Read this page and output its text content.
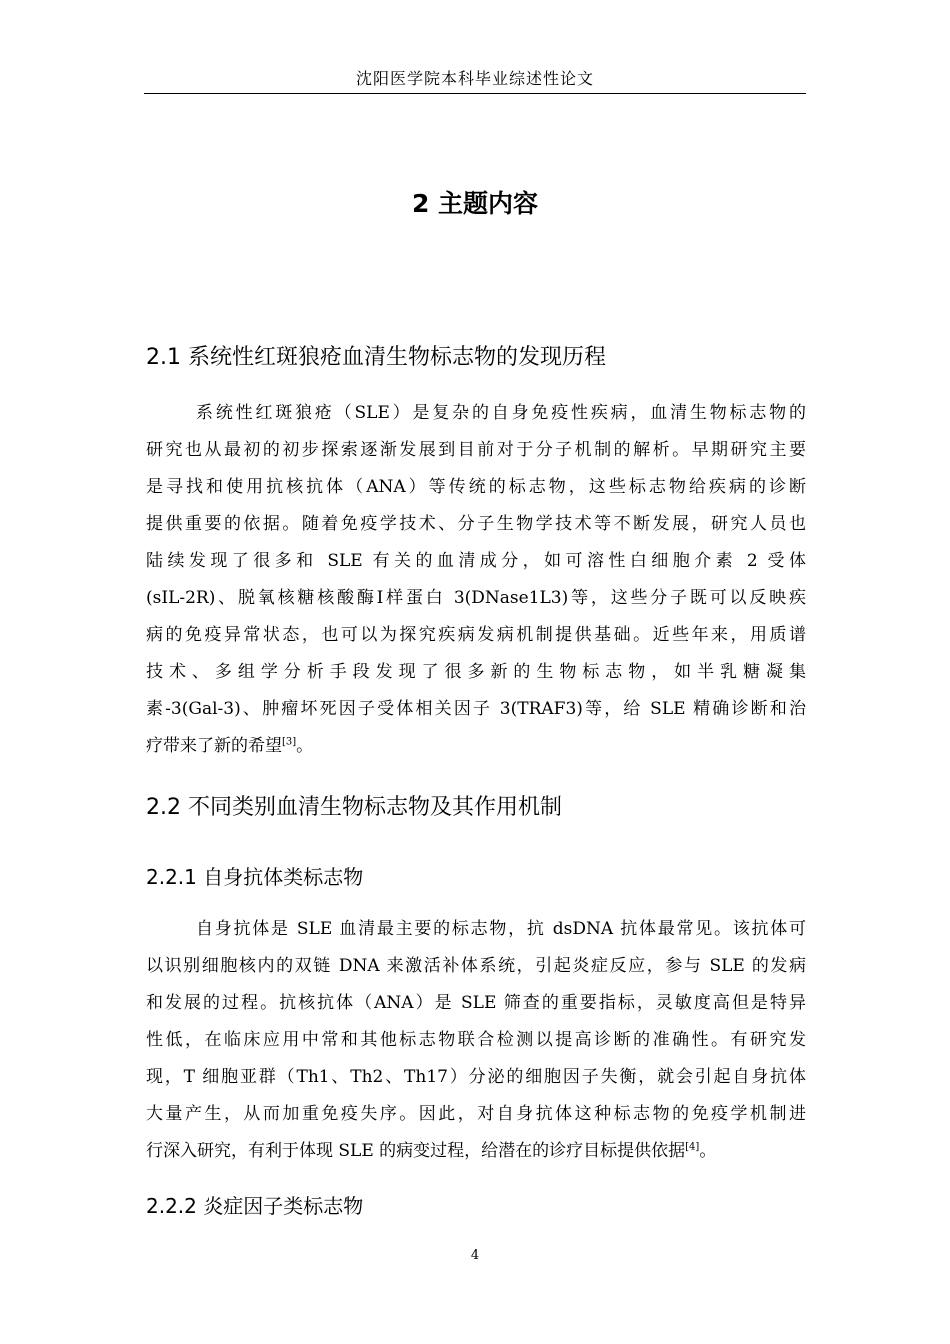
沈阳医学院本科毕业综述性论文
2 主题内容
2.1 系统性红斑狼疮血清生物标志物的发现历程
系统性红斑狼疮（SLE）是复杂的自身免疫性疾病，血清生物标志物的
研究也从最初的初步探索逐渐发展到目前对于分子机制的解析。早期研究主要
是寻找和使用抗核抗体（ANA）等传统的标志物，这些标志物给疾病的诊断
提供重要的依据。随着免疫学技术、分子生物学技术等不断发展，研究人员也
陆续发现了很多和 SLE 有关的血清成分，如可溶性白细胞介素 2 受体
(sIL-2R)、脱氧核糖核酸酶Ⅰ样蛋白 3(DNase1L3)等，这些分子既可以反映疾
病的免疫异常状态，也可以为探究疾病发病机制提供基础。近些年来，用质谱
技术、多组学分析手段发现了很多新的生物标志物，如半乳糖凝集
素-3(Gal-3)、肿瘤坏死因子受体相关因子 3(TRAF3)等，给 SLE 精确诊断和治
疗带来了新的希望[3]。
2.2 不同类别血清生物标志物及其作用机制
2.2.1 自身抗体类标志物
自身抗体是 SLE 血清最主要的标志物，抗 dsDNA 抗体最常见。该抗体可
以识别细胞核内的双链 DNA 来激活补体系统，引起炎症反应，参与 SLE 的发病
和发展的过程。抗核抗体（ANA）是 SLE 筛查的重要指标，灵敏度高但是特异
性低，在临床应用中常和其他标志物联合检测以提高诊断的准确性。有研究发
现，T 细胞亚群（Th1、Th2、Th17）分泌的细胞因子失衡，就会引起自身抗体
大量产生，从而加重免疫失序。因此，对自身抗体这种标志物的免疫学机制进
行深入研究，有利于体现 SLE 的病变过程，给潜在的诊疗目标提供依据[4]。
2.2.2 炎症因子类标志物
4
